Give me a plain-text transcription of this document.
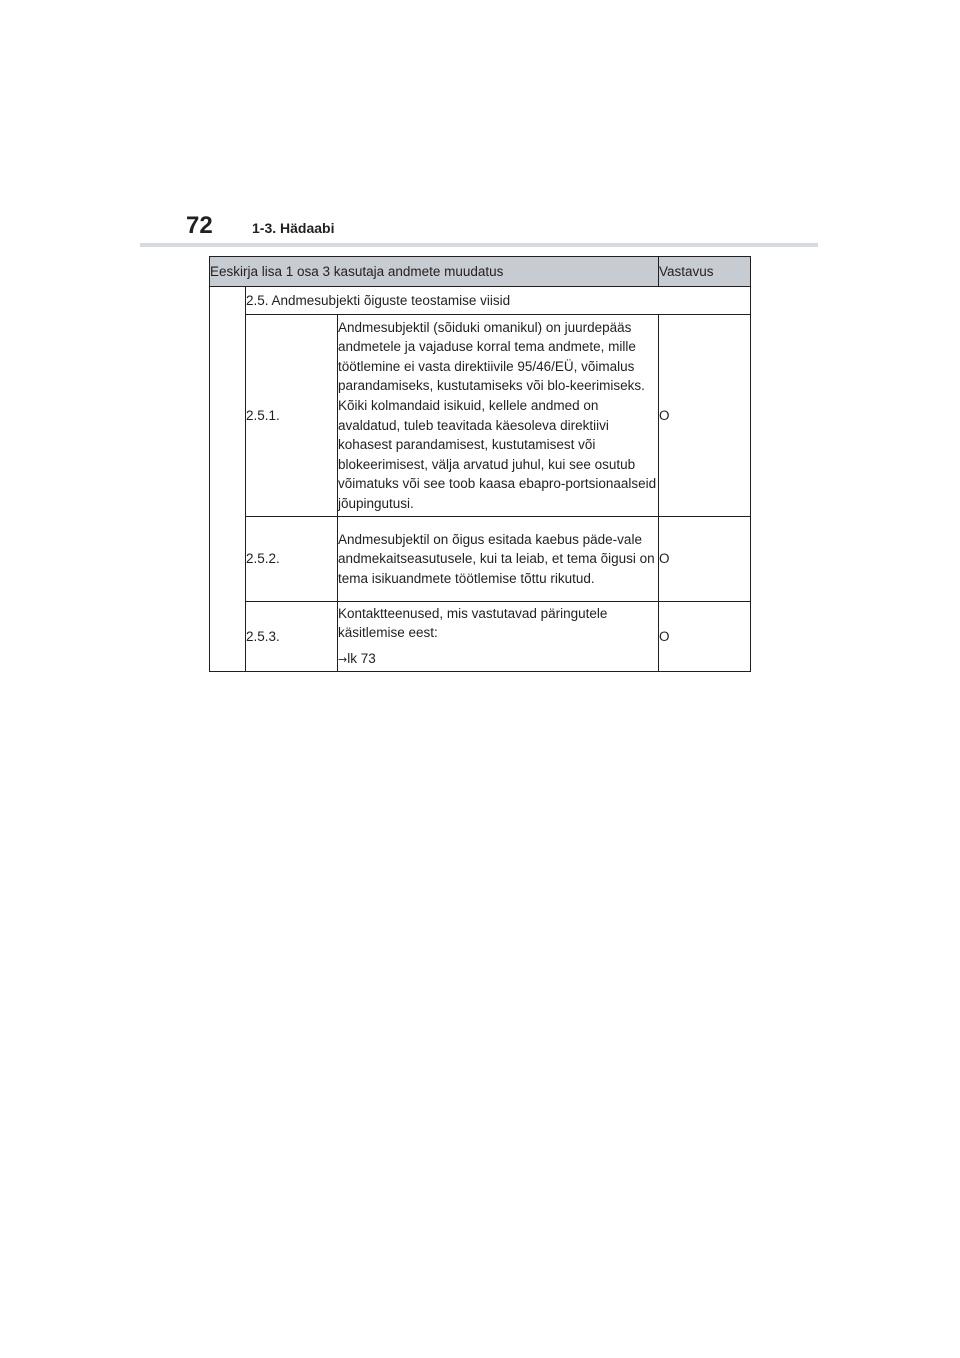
72	1-3. Hädaabi
Eeskirja lisa 1 osa 3 kasutaja andmete muudatus			Vastavus
	2.5. Andmesubjekti õiguste teostamise viisid		
	2.5.1.	Andmesubjektil (sõiduki omanikul) on juurdepääs andmetele ja vajaduse korral tema andmete, mille töötlemine ei vasta direktiivile 95/46/EÜ, võimalus parandamiseks, kustutamiseks või blo-keerimiseks. Kõiki kolmandaid isikuid, kellele andmed on avaldatud, tuleb teavitada käesoleva direktiivi kohasest parandamisest, kustutamisest või blokeerimisest, välja arvatud juhul, kui see osutub võimatuks või see toob kaasa ebapro-portsionaalseid jõupingutusi.	O
	2.5.2.	Andmesubjektil on õigus esitada kaebus päde-vale andmekaitseasutusele, kui ta leiab, et tema õigusi on tema isikuandmete töötlemise tõttu rikutud.	O
	2.5.3.	Kontaktteenused, mis vastutavad päringutele käsitlemise eest:

→lk 73	O
